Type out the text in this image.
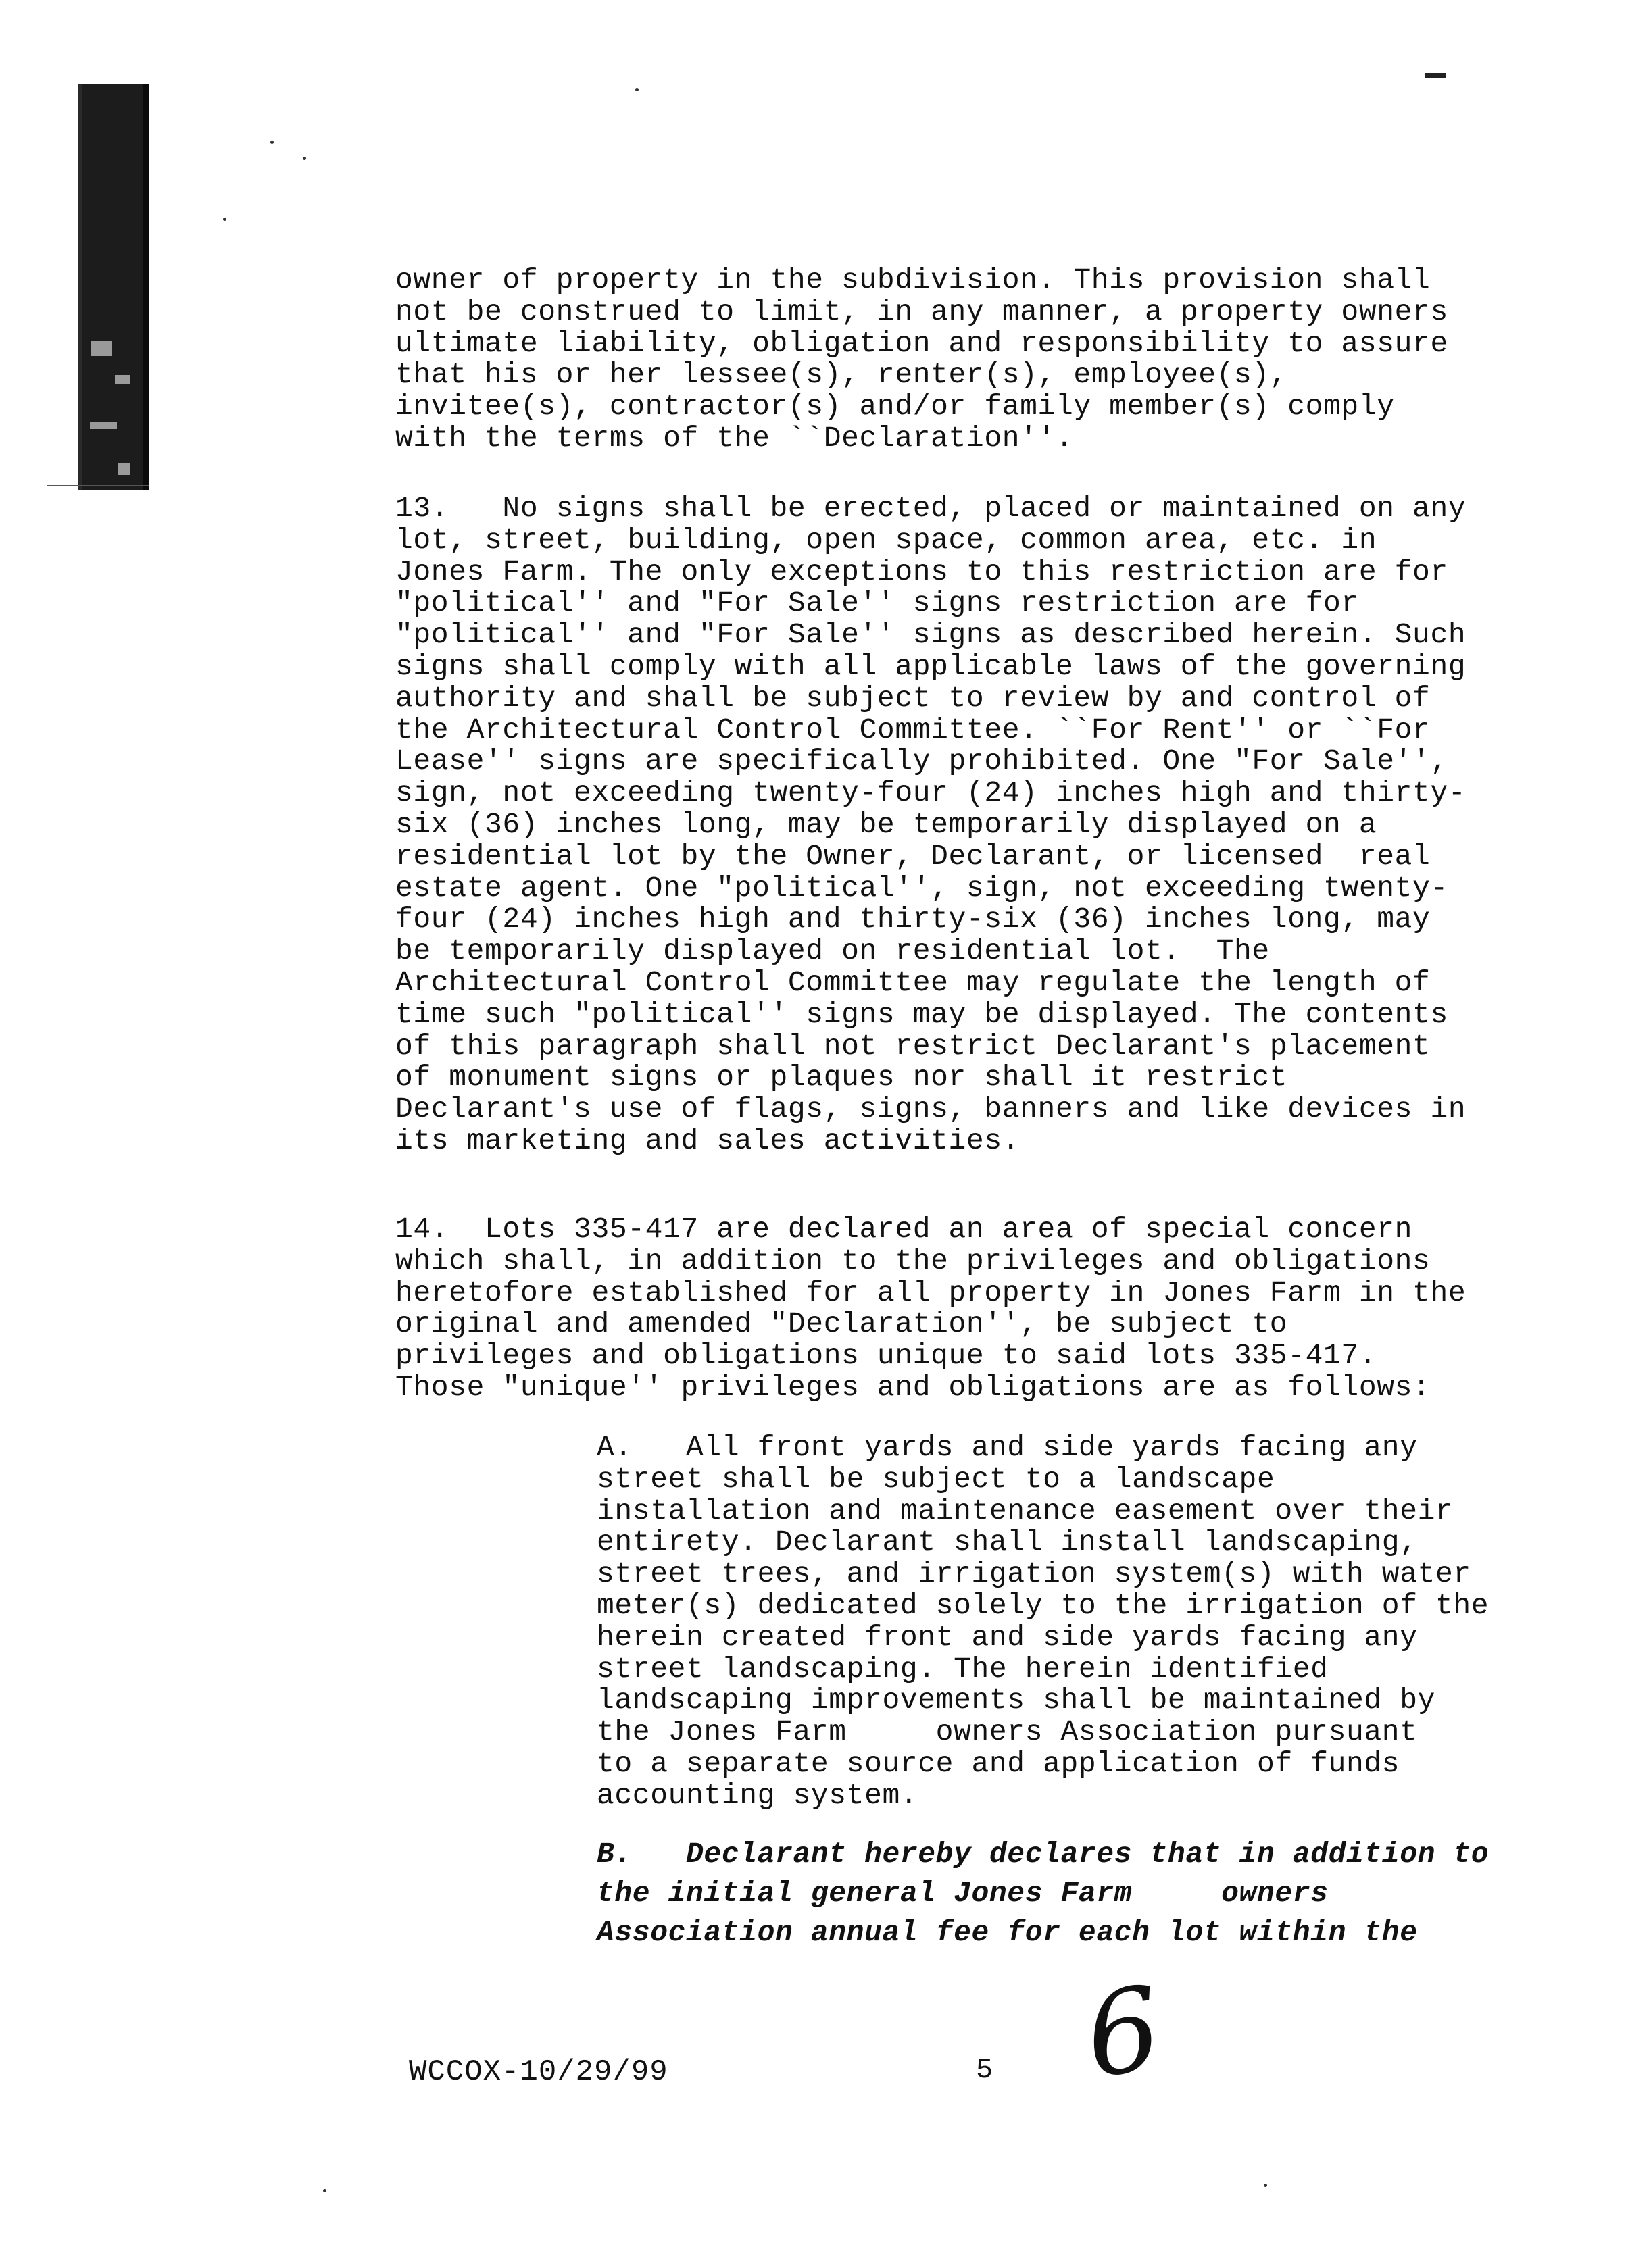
owner of property in the subdivision. This provision shall
not be construed to limit, in any manner, a property owners
ultimate liability, obligation and responsibility to assure
that his or her lessee(s), renter(s), employee(s),
invitee(s), contractor(s) and/or family member(s) comply
with the terms of the ``Declaration''.

13.   No signs shall be erected, placed or maintained on any
lot, street, building, open space, common area, etc. in
Jones Farm. The only exceptions to this restriction are for
"political'' and "For Sale'' signs restriction are for
"political'' and "For Sale'' signs as described herein. Such
signs shall comply with all applicable laws of the governing
authority and shall be subject to review by and control of
the Architectural Control Committee. ``For Rent'' or ``For
Lease'' signs are specifically prohibited. One "For Sale'',
sign, not exceeding twenty-four (24) inches high and thirty-
six (36) inches long, may be temporarily displayed on a
residential lot by the Owner, Declarant, or licensed  real
estate agent. One "political'', sign, not exceeding twenty-
four (24) inches high and thirty-six (36) inches long, may
be temporarily displayed on residential lot.  The
Architectural Control Committee may regulate the length of
time such "political'' signs may be displayed. The contents
of this paragraph shall not restrict Declarant's placement
of monument signs or plaques nor shall it restrict
Declarant's use of flags, signs, banners and like devices in
its marketing and sales activities.

14.  Lots 335-417 are declared an area of special concern
which shall, in addition to the privileges and obligations
heretofore established for all property in Jones Farm in the
original and amended "Declaration'', be subject to
privileges and obligations unique to said lots 335-417.
Those "unique'' privileges and obligations are as follows:

A.   All front yards and side yards facing any
street shall be subject to a landscape
installation and maintenance easement over their
entirety. Declarant shall install landscaping,
street trees, and irrigation system(s) with water
meter(s) dedicated solely to the irrigation of the
herein created front and side yards facing any
street landscaping. The herein identified
landscaping improvements shall be maintained by
the Jones Farm     owners Association pursuant
to a separate source and application of funds
accounting system.

B.   Declarant hereby declares that in addition to
the initial general Jones Farm     owners
Association annual fee for each lot within the

WCCOX-10/29/99	5 6
